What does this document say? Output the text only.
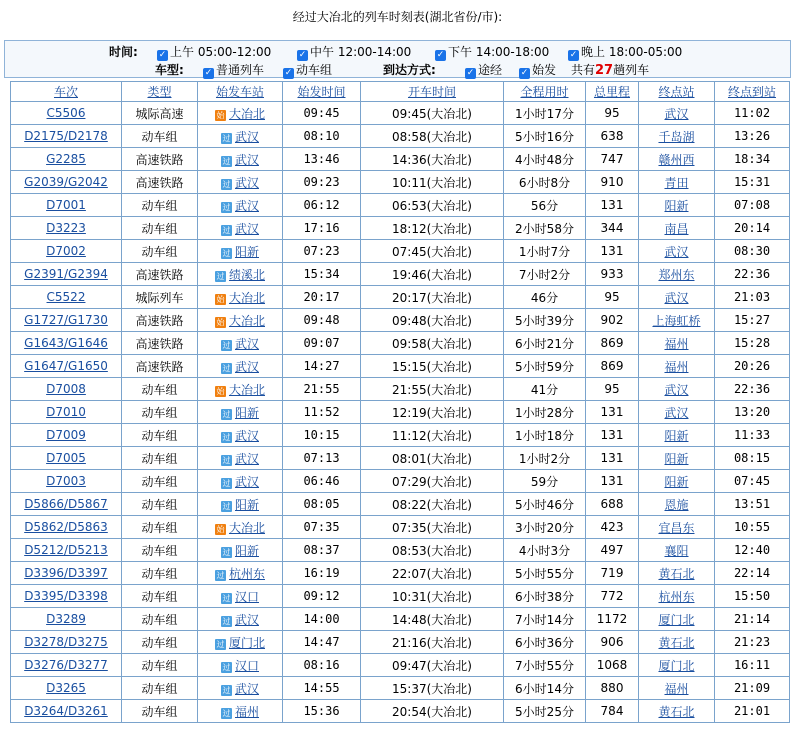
经过大冶北的列车时刻表(湖北省份/市):
时间: ✓ 上午 05:00-12:00	✓ 中午 12:00-14:00	✓ 下午 14:00-18:00 ✓ 晚上 18:00-05:00
车型: ✓ 普通列车 ✓ 动车组	到达方式:	✓ 途经 ✓ 始发 共有27趟列车
车次	类型	始发车站	始发时间	开车时间	全程用时	总里程	终点站	终点到站
C5506	城际高速	始 大冶北	09:45	09:45(大冶北)	1小时17分	95	武汉	11:02
D2175/D2178	动车组	过 武汉	08:10	08:58(大冶北)	5小时16分	638	千岛湖	13:26
G2285	高速铁路	过 武汉	13:46	14:36(大冶北)	4小时48分	747	赣州西	18:34
G2039/G2042	高速铁路	过 武汉	09:23	10:11(大冶北)	6小时8分	910	青田	15:31
D7001	动车组	过 武汉	06:12	06:53(大冶北)	56分	131	阳新	07:08
D3223	动车组	过 武汉	17:16	18:12(大冶北)	2小时58分	344	南昌	20:14
D7002	动车组	过 阳新	07:23	07:45(大冶北)	1小时7分	131	武汉	08:30
G2391/G2394	高速铁路	过 绩溪北	15:34	19:46(大冶北)	7小时2分	933	郑州东	22:36
C5522	城际列车	始 大冶北	20:17	20:17(大冶北)	46分	95	武汉	21:03
G1727/G1730	高速铁路	始 大冶北	09:48	09:48(大冶北)	5小时39分	902	上海虹桥	15:27
G1643/G1646	高速铁路	过 武汉	09:07	09:58(大冶北)	6小时21分	869	福州	15:28
G1647/G1650	高速铁路	过 武汉	14:27	15:15(大冶北)	5小时59分	869	福州	20:26
D7008	动车组	始 大冶北	21:55	21:55(大冶北)	41分	95	武汉	22:36
D7010	动车组	过 阳新	11:52	12:19(大冶北)	1小时28分	131	武汉	13:20
D7009	动车组	过 武汉	10:15	11:12(大冶北)	1小时18分	131	阳新	11:33
D7005	动车组	过 武汉	07:13	08:01(大冶北)	1小时2分	131	阳新	08:15
D7003	动车组	过 武汉	06:46	07:29(大冶北)	59分	131	阳新	07:45
D5866/D5867	动车组	过 阳新	08:05	08:22(大冶北)	5小时46分	688	恩施	13:51
D5862/D5863	动车组	始 大冶北	07:35	07:35(大冶北)	3小时20分	423	宜昌东	10:55
D5212/D5213	动车组	过 阳新	08:37	08:53(大冶北)	4小时3分	497	襄阳	12:40
D3396/D3397	动车组	过 杭州东	16:19	22:07(大冶北)	5小时55分	719	黄石北	22:14
D3395/D3398	动车组	过 汉口	09:12	10:31(大冶北)	6小时38分	772	杭州东	15:50
D3289	动车组	过 武汉	14:00	14:48(大冶北)	7小时14分	1172	厦门北	21:14
D3278/D3275	动车组	过 厦门北	14:47	21:16(大冶北)	6小时36分	906	黄石北	21:23
D3276/D3277	动车组	过 汉口	08:16	09:47(大冶北)	7小时55分	1068	厦门北	16:11
D3265	动车组	过 武汉	14:55	15:37(大冶北)	6小时14分	880	福州	21:09
D3264/D3261	动车组	过 福州	15:36	20:54(大冶北)	5小时25分	784	黄石北	21:01
